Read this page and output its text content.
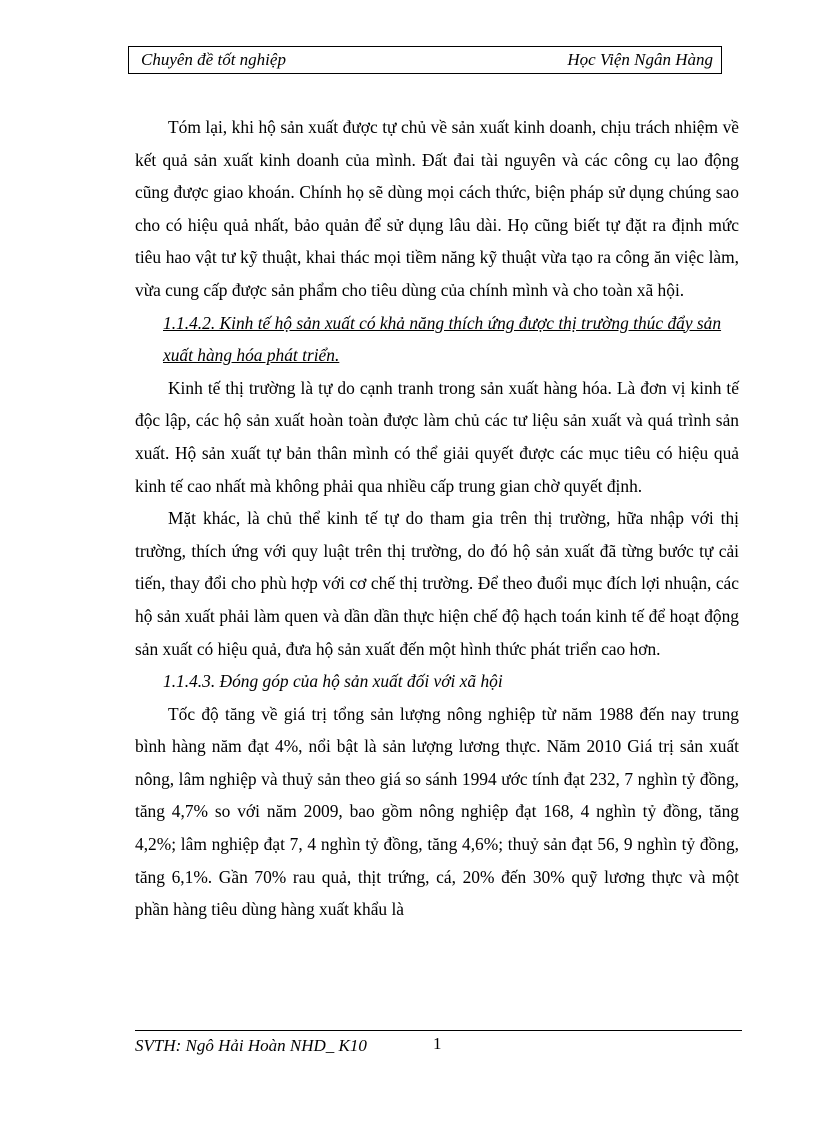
Chuyên đề tốt nghiệp	Học Viện Ngân Hàng

Tóm lại, khi hộ sản xuất được tự chủ về sản xuất kinh doanh, chịu trách nhiệm về kết quả sản xuất kinh doanh của mình. Đất đai tài nguyên và các công cụ lao động cũng được giao khoán. Chính họ sẽ dùng mọi cách thức, biện pháp sử dụng chúng sao cho có hiệu quả nhất, bảo quản để sử dụng lâu dài. Họ cũng biết tự đặt ra định mức tiêu hao vật tư kỹ thuật, khai thác mọi tiềm năng kỹ thuật vừa tạo ra công ăn việc làm, vừa cung cấp được sản phẩm cho tiêu dùng của chính mình và cho toàn xã hội.

1.1.4.2. Kinh tế hộ sản xuất có khả năng thích ứng được thị trường thúc đẩy sản xuất hàng hóa phát triển.

Kinh tế thị trường là tự do cạnh tranh trong sản xuất hàng hóa. Là đơn vị kinh tế độc lập, các hộ sản xuất hoàn toàn được làm chủ các tư liệu sản xuất và quá trình sản xuất. Hộ sản xuất tự bản thân mình có thể giải quyết được các mục tiêu có hiệu quả kinh tế cao nhất mà không phải qua nhiều cấp trung gian chờ quyết định.

Mặt khác, là chủ thể kinh tế tự do tham gia trên thị trường, hữa nhập với thị trường, thích ứng với quy luật trên thị trường, do đó hộ sản xuất đã từng bước tự cải tiến, thay đổi cho phù hợp với cơ chế thị trường. Để theo đuổi mục đích lợi nhuận, các hộ sản xuất phải làm quen và dần dần thực hiện chế độ hạch toán kinh tế để hoạt động sản xuất có hiệu quả, đưa hộ sản xuất đến một hình thức phát triển cao hơn.

1.1.4.3. Đóng góp của hộ sản xuất đối với xã hội

Tốc độ tăng về giá trị tổng sản lượng nông nghiệp từ năm 1988 đến nay trung bình hàng năm đạt 4%, nổi bật là sản lượng lương thực. Năm 2010 Giá trị sản xuất nông, lâm nghiệp và thuỷ sản theo giá so sánh 1994 ước tính đạt 232, 7 nghìn tỷ đồng, tăng 4,7% so với năm 2009, bao gồm nông nghiệp đạt 168, 4 nghìn tỷ đồng, tăng 4,2%; lâm nghiệp đạt 7, 4 nghìn tỷ đồng, tăng 4,6%; thuỷ sản đạt 56, 9 nghìn tỷ đồng, tăng 6,1%. Gần 70% rau quả, thịt trứng, cá, 20% đến 30% quỹ lương thực và một phần hàng tiêu dùng hàng xuất khẩu là

SVTH: Ngô Hải Hoàn NHD_ K10	1
